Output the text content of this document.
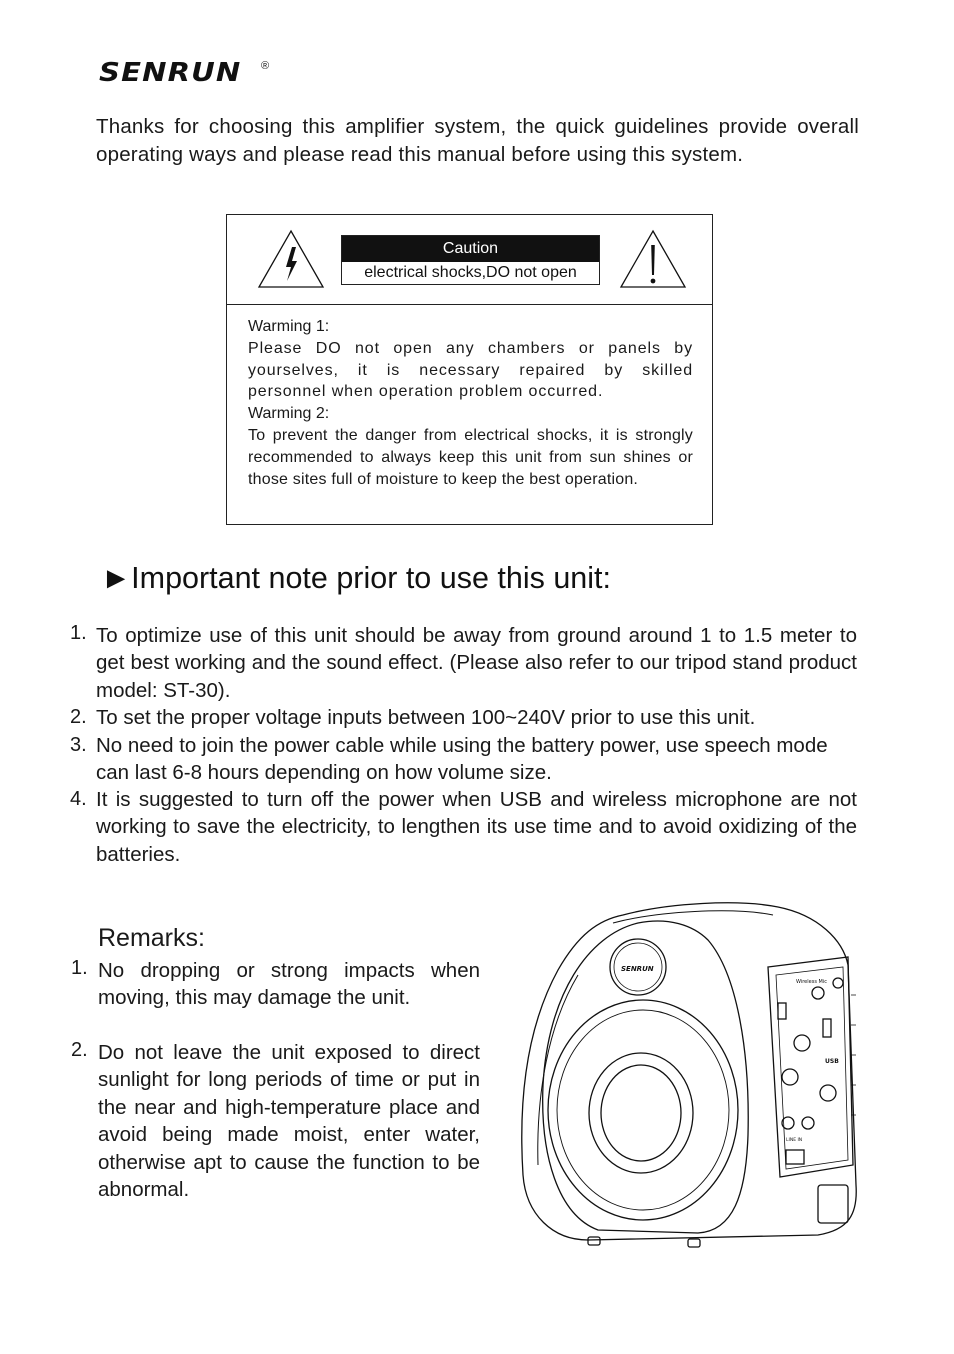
SENRUN ®
Thanks for choosing this amplifier system, the quick guidelines provide overall operating ways and please read this manual before using this system.
Caution
electrical shocks,DO not open

Warming 1:

Please DO not open any chambers or panels by yourselves, it is necessary repaired by skilled personnel when operation problem occurred.

Warming 2:

To prevent the danger from electrical shocks, it is strongly recommended to always keep this unit from sun shines or those sites full of moisture to keep the best operation.

►Important note prior to use this unit:
1. To optimize use of this unit should be away from ground around 1 to 1.5 meter to get best working and the sound effect. (Please also refer to our tripod stand product model: ST-30).
2. To set the proper voltage inputs between 100~240V prior to use this unit.
3. No need to join the power cable while using the battery power, use speech mode can last 6-8 hours depending on how volume size.
4. It is suggested to turn off the power when USB and wireless microphone are not working to save the electricity, to lengthen its use time and to avoid oxidizing of the batteries.
Remarks:
1. No dropping or strong impacts when moving, this may damage the unit.
2. Do not leave the unit exposed to direct sunlight for long periods of time or put in the near and high-temperature place and avoid being made moist, enter water, otherwise apt to cause the function to be abnormal.
SENRUN
Wireless Mic
USB
LINE IN
